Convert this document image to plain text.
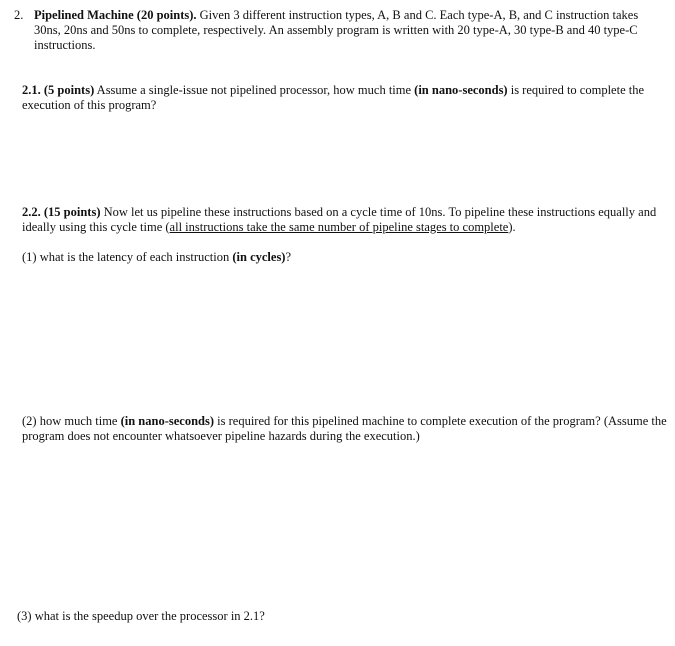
2. Pipelined Machine (20 points). Given 3 different instruction types, A, B and C. Each type-A, B, and C instruction takes 30ns, 20ns and 50ns to complete, respectively. An assembly program is written with 20 type-A, 30 type-B and 40 type-C instructions.
2.1. (5 points) Assume a single-issue not pipelined processor, how much time (in nano-seconds) is required to complete the execution of this program?
2.2. (15 points) Now let us pipeline these instructions based on a cycle time of 10ns. To pipeline these instructions equally and ideally using this cycle time (all instructions take the same number of pipeline stages to complete).
(1) what is the latency of each instruction (in cycles)?
(2) how much time (in nano-seconds) is required for this pipelined machine to complete execution of the program? (Assume the program does not encounter whatsoever pipeline hazards during the execution.)
(3) what is the speedup over the processor in 2.1?
